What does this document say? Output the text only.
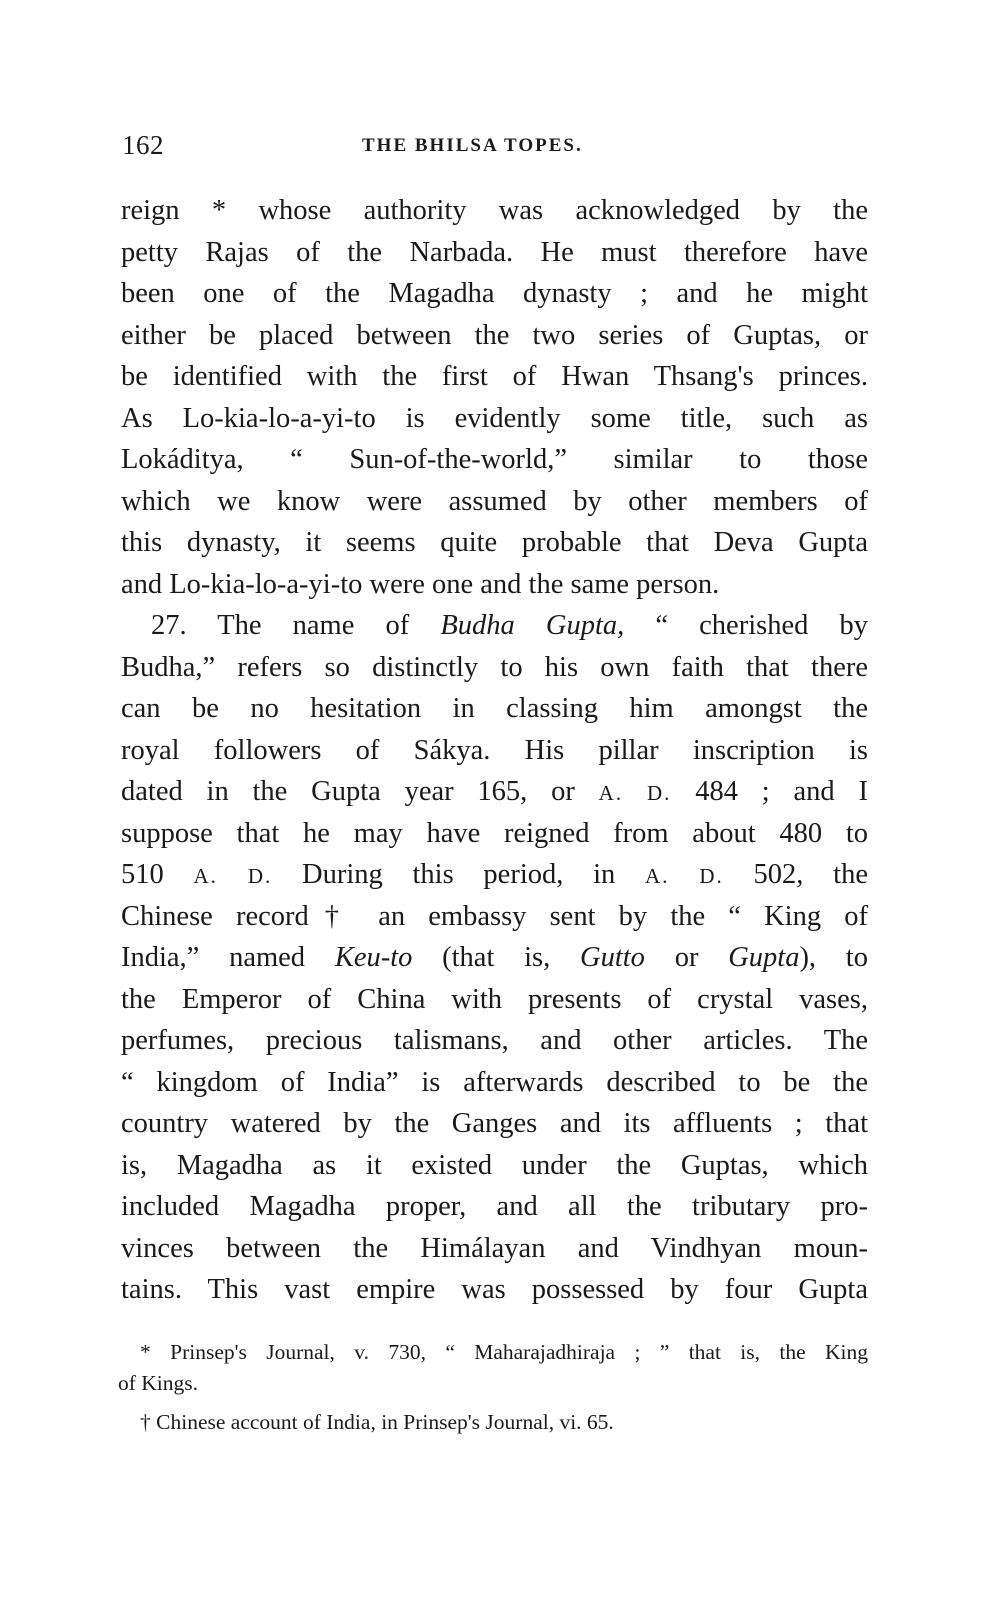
162	THE BHILSA TOPES.
reign * whose authority was acknowledged by the
petty Rajas of the Narbada. He must therefore have
been one of the Magadha dynasty ; and he might
either be placed between the two series of Guptas, or
be identified with the first of Hwan Thsang's princes.
As Lo-kia-lo-a-yi-to is evidently some title, such as
Lokáditya, “ Sun-of-the-world,” similar to those
which we know were assumed by other members of
this dynasty, it seems quite probable that Deva Gupta
and Lo-kia-lo-a-yi-to were one and the same person.
27. The name of Budha Gupta, “ cherished by
Budha,” refers so distinctly to his own faith that there
can be no hesitation in classing him amongst the
royal followers of Sákya. His pillar inscription is
dated in the Gupta year 165, or A. D. 484 ; and I
suppose that he may have reigned from about 480 to
510 A. D. During this period, in A. D. 502, the
Chinese record† an embassy sent by the “ King of
India,” named Keu-to (that is, Gutto or Gupta), to
the Emperor of China with presents of crystal vases,
perfumes, precious talismans, and other articles. The
“ kingdom of India” is afterwards described to be the
country watered by the Ganges and its affluents ; that
is, Magadha as it existed under the Guptas, which
included Magadha proper, and all the tributary pro-
vinces between the Himálayan and Vindhyan moun-
tains. This vast empire was possessed by four Gupta
* Prinsep's Journal, v. 730, “ Maharajadhiraja ; ” that is, the King
of Kings.
† Chinese account of India, in Prinsep's Journal, vi. 65.
